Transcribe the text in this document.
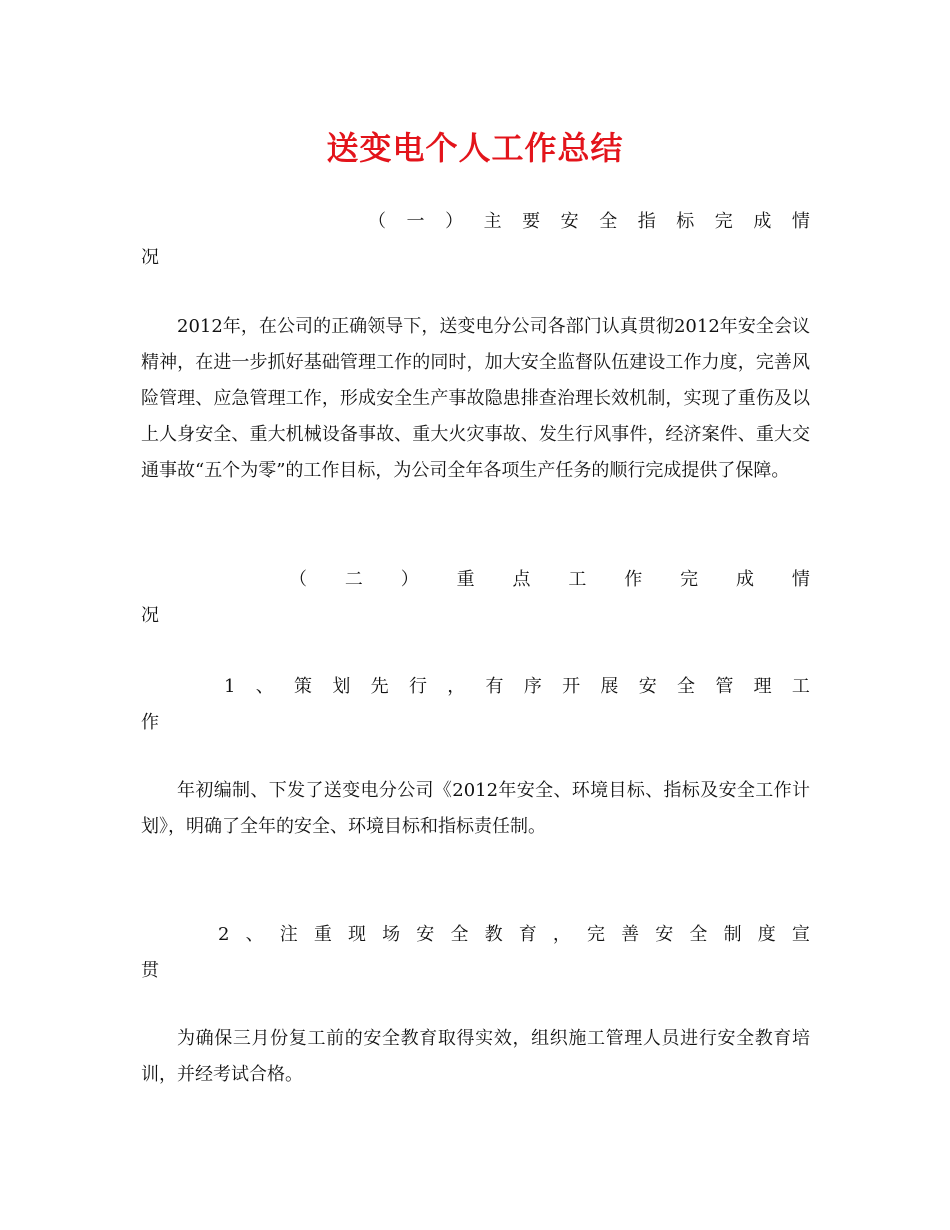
送变电个人工作总结
（ 一 ） 主 要 安 全 指 标 完 成 情
况
2012年，在公司的正确领导下，送变电分公司各部门认真贯彻2012年安全会议精神，在进一步抓好基础管理工作的同时，加大安全监督队伍建设工作力度，完善风险管理、应急管理工作，形成安全生产事故隐患排查治理长效机制，实现了重伤及以上人身安全、重大机械设备事故、重大火灾事故、发生行风事件，经济案件、重大交通事故“五个为零”的工作目标，为公司全年各项生产任务的顺行完成提供了保障。
（ 二 ） 重 点 工 作 完 成 情
况
1 、 策 划 先 行 ， 有 序 开 展 安 全 管 理 工
作
年初编制、下发了送变电分公司《2012年安全、环境目标、指标及安全工作计划》，明确了全年的安全、环境目标和指标责任制。
2 、 注 重 现 场 安 全 教 育 ， 完 善 安 全 制 度 宣
贯
为确保三月份复工前的安全教育取得实效，组织施工管理人员进行安全教育培训，并经考试合格。
